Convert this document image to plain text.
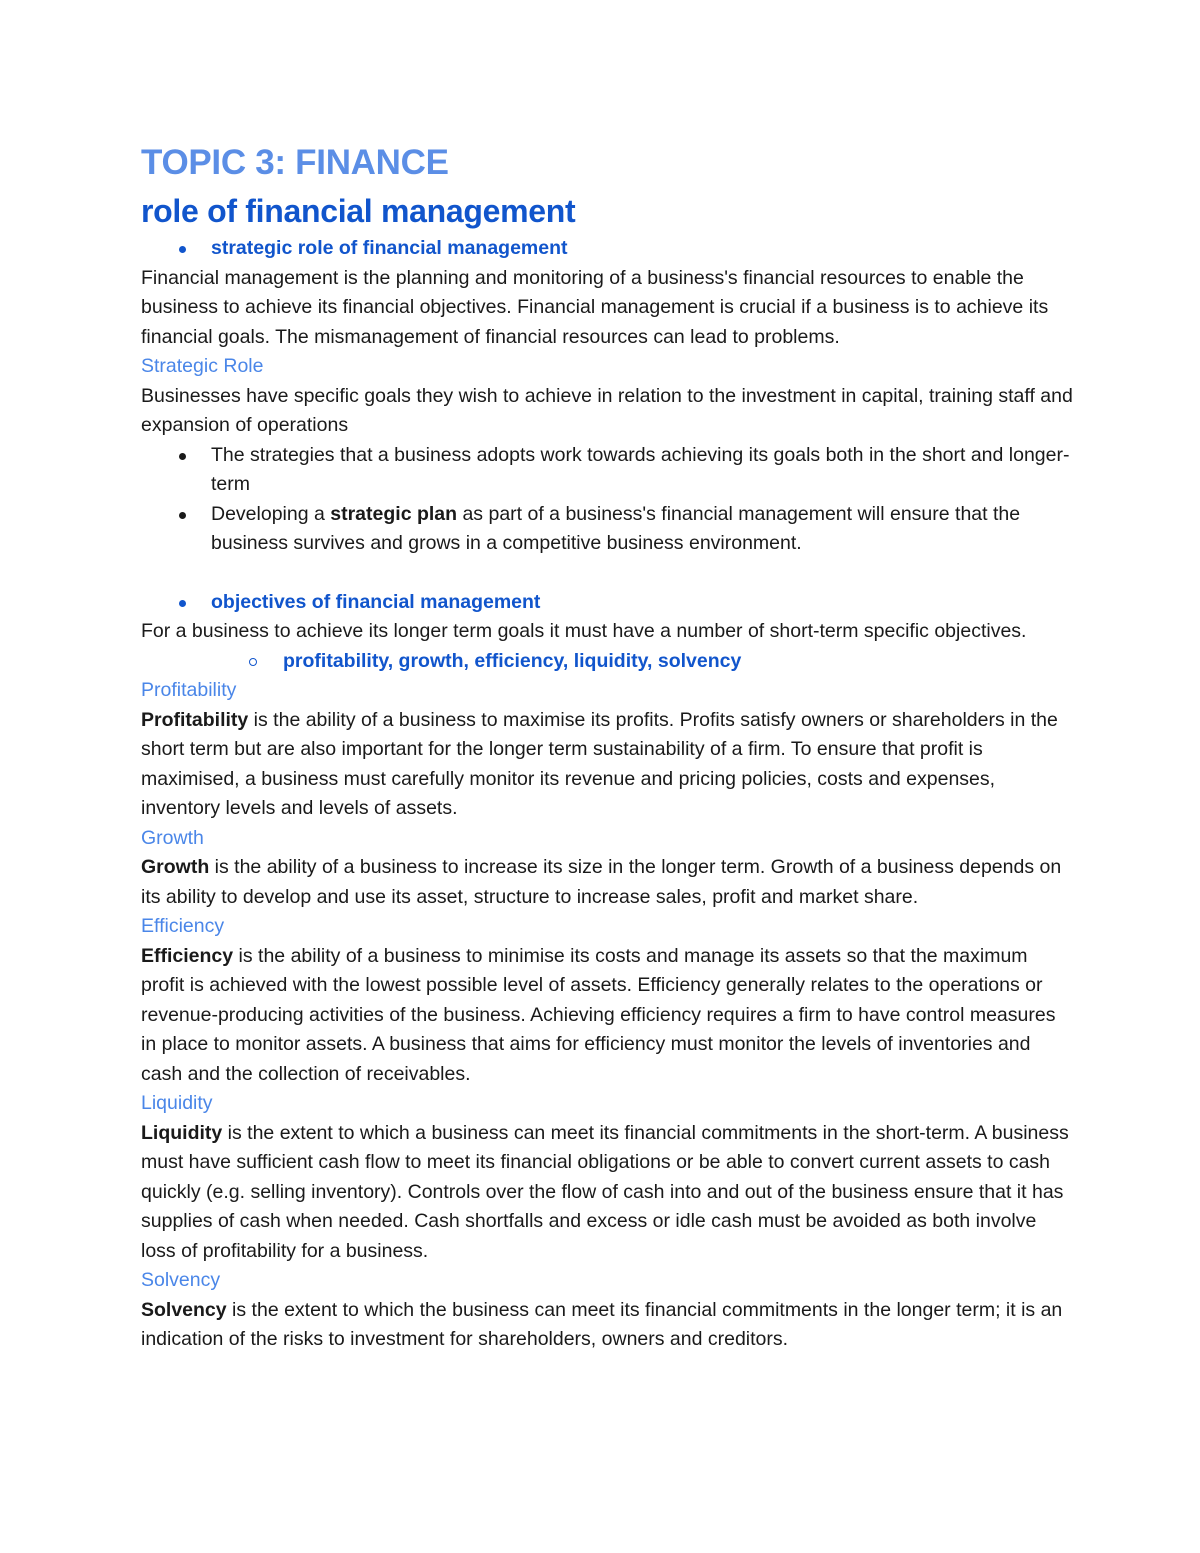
TOPIC 3: FINANCE
role of financial management
strategic role of financial management

Financial management is the planning and monitoring of a business's financial resources to enable the business to achieve its financial objectives. Financial management is crucial if a business is to achieve its financial goals. The mismanagement of financial resources can lead to problems.

Strategic Role

Businesses have specific goals they wish to achieve in relation to the investment in capital, training staff and expansion of operations

The strategies that a business adopts work towards achieving its goals both in the short and longer-term
Developing a strategic plan as part of a business's financial management will ensure that the business survives and grows in a competitive business environment.
objectives of financial management

For a business to achieve its longer term goals it must have a number of short-term specific objectives.

profitability, growth, efficiency, liquidity, solvency

Profitability

Profitability is the ability of a business to maximise its profits. Profits satisfy owners or shareholders in the short term but are also important for the longer term sustainability of a firm. To ensure that profit is maximised, a business must carefully monitor its revenue and pricing policies, costs and expenses, inventory levels and levels of assets.

Growth

Growth is the ability of a business to increase its size in the longer term. Growth of a business depends on its ability to develop and use its asset, structure to increase sales, profit and market share.

Efficiency

Efficiency is the ability of a business to minimise its costs and manage its assets so that the maximum profit is achieved with the lowest possible level of assets. Efficiency generally relates to the operations or revenue-producing activities of the business. Achieving efficiency requires a firm to have control measures in place to monitor assets. A business that aims for efficiency must monitor the levels of inventories and cash and the collection of receivables.

Liquidity

Liquidity is the extent to which a business can meet its financial commitments in the short-term. A business must have sufficient cash flow to meet its financial obligations or be able to convert current assets to cash quickly (e.g. selling inventory). Controls over the flow of cash into and out of the business ensure that it has supplies of cash when needed. Cash shortfalls and excess or idle cash must be avoided as both involve loss of profitability for a business.

Solvency

Solvency is the extent to which the business can meet its financial commitments in the longer term; it is an indication of the risks to investment for shareholders, owners and creditors.
